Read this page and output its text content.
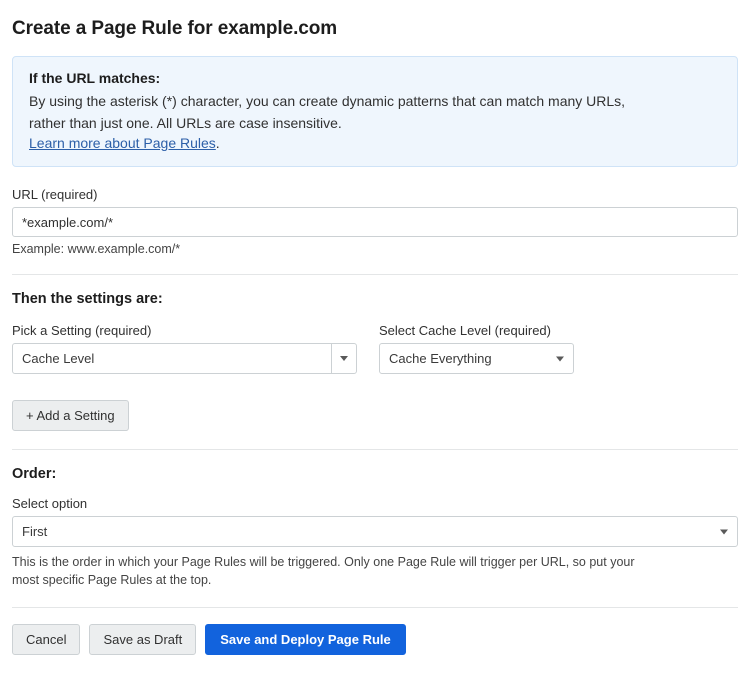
Create a Page Rule for example.com
If the URL matches:
By using the asterisk (*) character, you can create dynamic patterns that can match many URLs,
rather than just one. All URLs are case insensitive.
Learn more about Page Rules.
URL (required)
*example.com/*
Example: www.example.com/*
Then the settings are:
Pick a Setting (required)
Cache Level
Select Cache Level (required)
Cache Everything
+ Add a Setting
Order:
Select option
First
This is the order in which your Page Rules will be triggered. Only one Page Rule will trigger per URL, so put your
most specific Page Rules at the top.
Cancel	Save as Draft	Save and Deploy Page Rule
